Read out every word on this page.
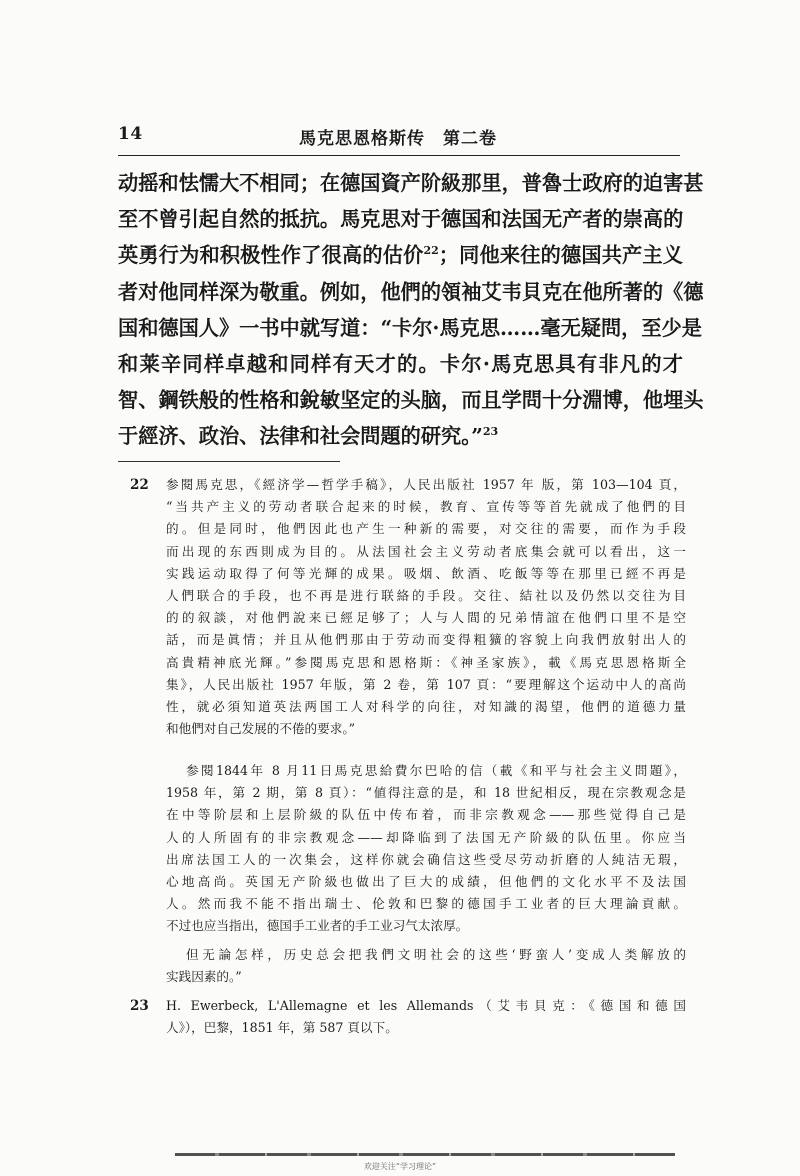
14	馬克思恩格斯传　第二卷
动摇和怯懦大不相同；在德国資产阶級那里，普魯士政府的迫害甚
至不曾引起自然的抵抗。馬克思对于德国和法国无产者的崇高的
英勇行为和积极性作了很高的估价$^{22}$；同他来往的德国共产主义
者对他同样深为敬重。例如，他們的領袖艾韦貝克在他所著的《德
国和德国人》一书中就写道：“卡尔·馬克思……毫无疑問，至少是
和莱辛同样卓越和同样有天才的。卡尔·馬克思具有非凡的才
智、鋼铁般的性格和銳敏坚定的头脑，而且学問十分淵博，他埋头
于經济、政治、法律和社会問題的研究。”$^{23}$
22 参閱馬克思，《經济学—哲学手稿》，人民出版社 1957 年 版，第 103—104 頁，
“当共产主义的劳动者联合起来的时候，教育、宣传等等首先就成了他們的目
的。但是同时，他們因此也产生一种新的需要，对交往的需要，而作为手段
而出现的东西則成为目的。从法国社会主义劳动者底集会就可以看出，这一
实践运动取得了何等光輝的成果。吸烟、飲酒、吃飯等等在那里已經不再是
人們联合的手段，也不再是进行联絡的手段。交往、結社以及仍然以交往为目
的的叙談，对他們說来已經足够了；人与人間的兄弟情誼在他們口里不是空
話，而是眞情；并且从他們那由于劳动而变得粗獷的容貌上向我們放射出人的
高貴精神底光輝。”参閱馬克思和恩格斯：《神圣家族》，載《馬克思恩格斯全
集》，人民出版社 1957 年版，第 2 卷，第 107 頁：“要理解这个运动中人的高尚
性，就必須知道英法两国工人对科学的向往，对知識的渴望，他們的道德力量
和他們对自己发展的不倦的要求。”
参閱1844年 8 月11日馬克思給費尔巴哈的信（載《和平与社会主义問題》，
1958 年，第 2 期，第 8 頁）：“値得注意的是，和 18 世紀相反，現在宗教观念是
在中等阶层和上层阶級的队伍中传布着，而非宗教观念——那些觉得自己是
人的人所固有的非宗教观念——却降临到了法国无产阶級的队伍里。你应当
出席法国工人的一次集会，这样你就会确信这些受尽劳动折磨的人純洁无瑕，
心地高尚。英国无产阶級也做出了巨大的成績，但他們的文化水平不及法国
人。然而我不能不指出瑞士、伦敦和巴黎的德国手工业者的巨大理論貢献。
不过也应当指出，德国手工业者的手工业习气太浓厚。
但无論怎样，历史总会把我們文明社会的这些‘野蛮人’变成人类解放的
实践因素的。”
23 H. Ewerbeck, L'Allemagne et les Allemands（艾韦貝克：《德国和德国
人》），巴黎，1851 年，第 587 頁以下。
欢迎关注“学习理论”
